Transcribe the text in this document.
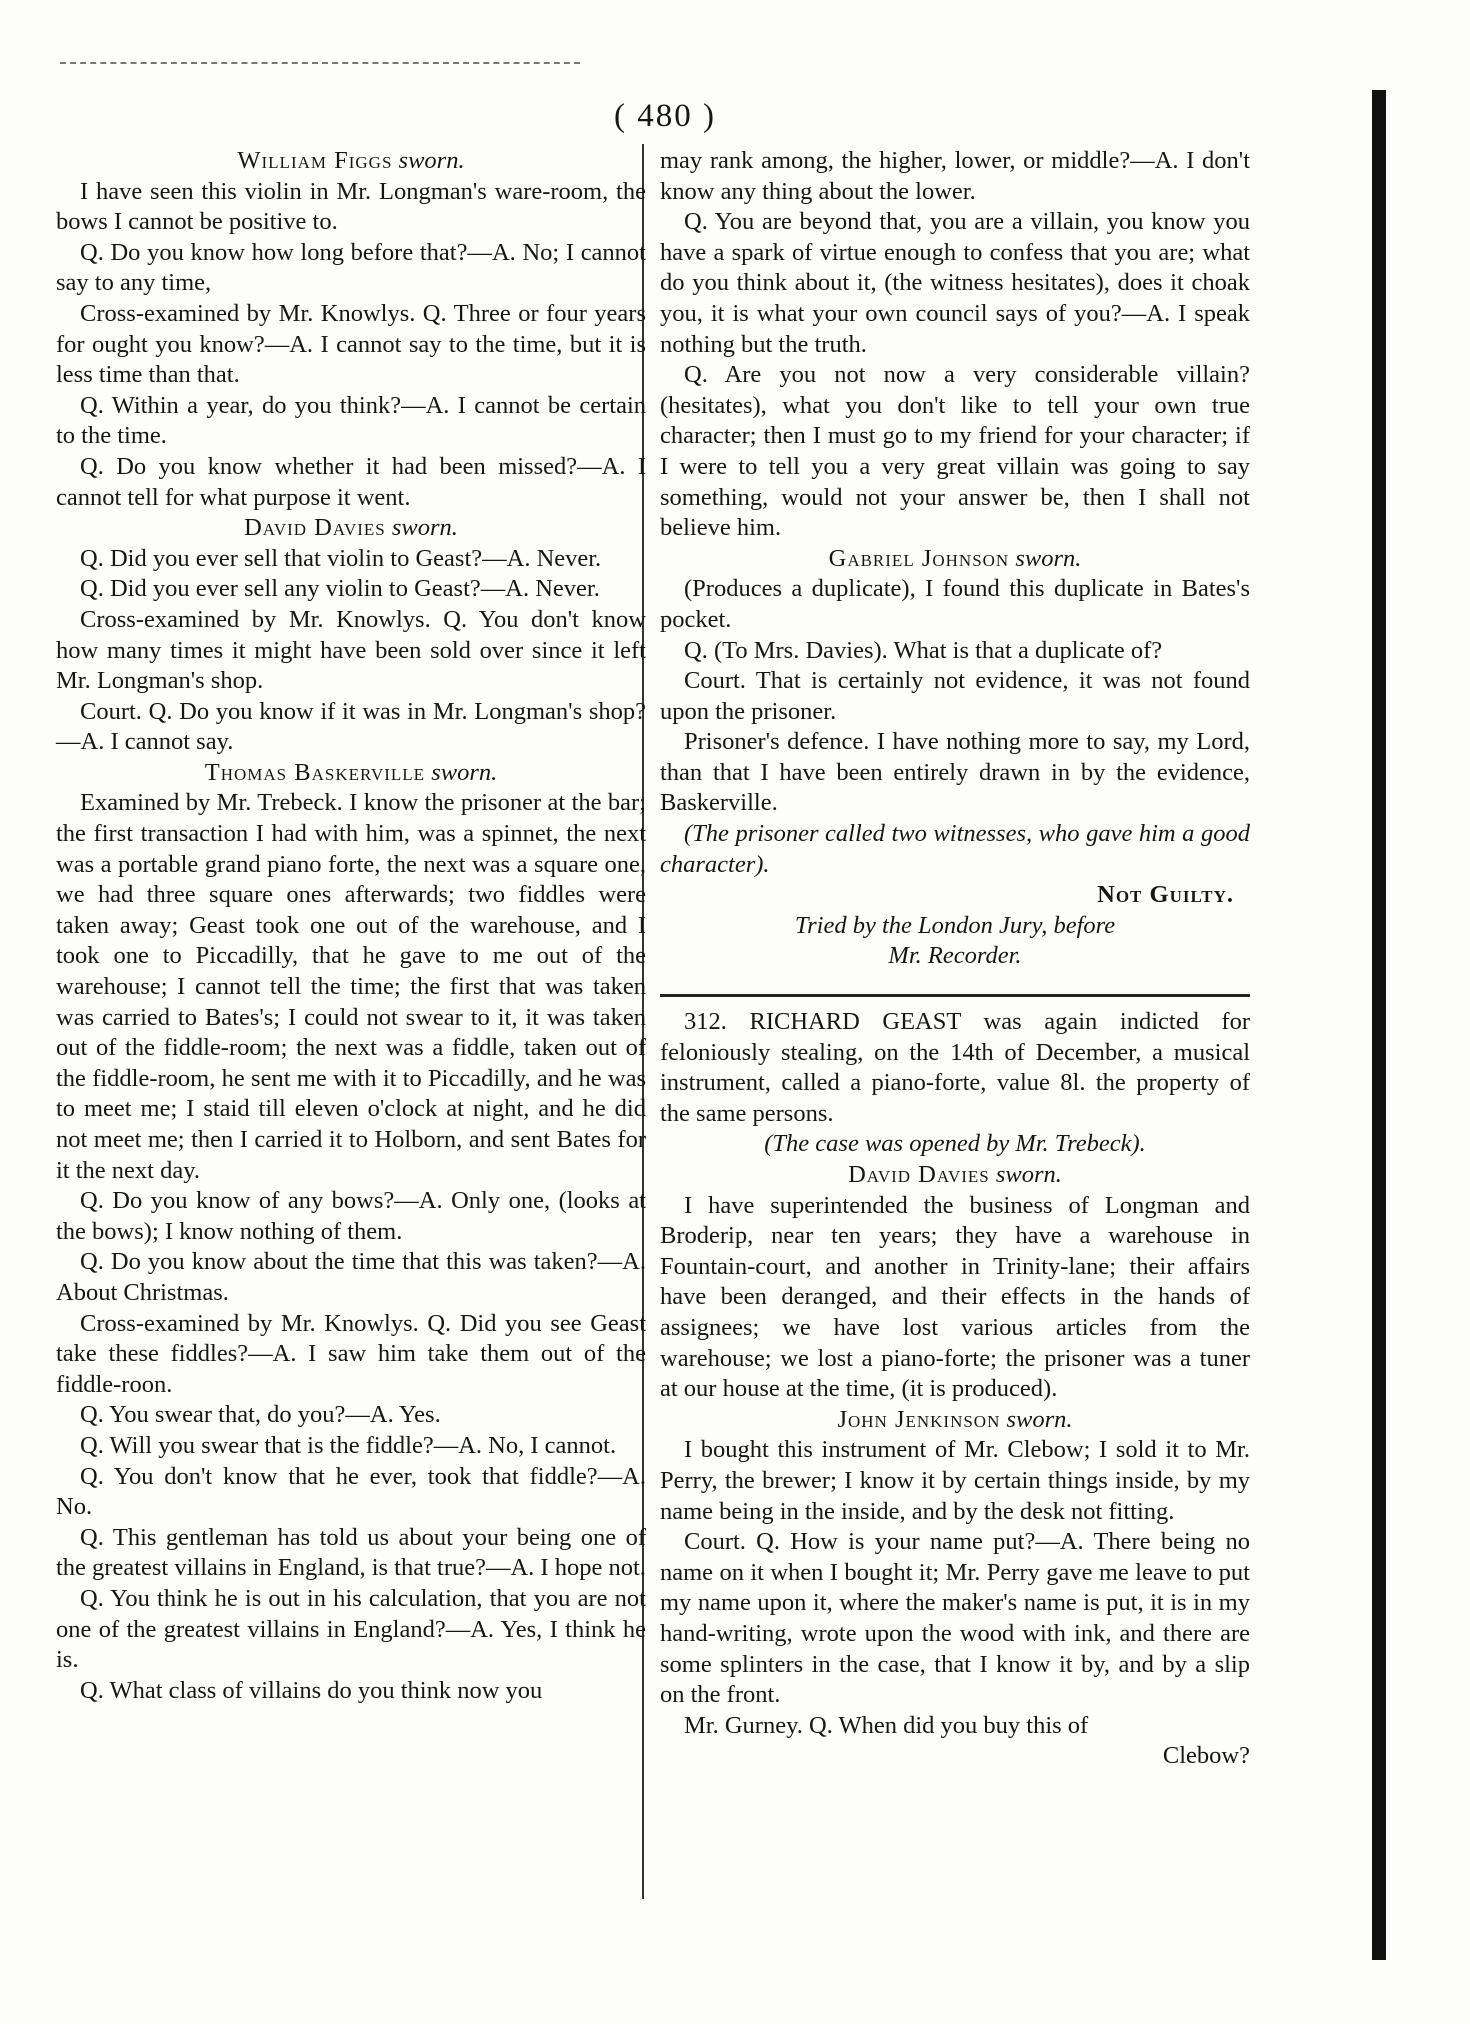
( 480 )

William Figgs sworn.

I have seen this violin in Mr. Longman's ware-room, the bows I cannot be positive to.

Q. Do you know how long before that?—A. No; I cannot say to any time,

Cross-examined by Mr. Knowlys. Q. Three or four years for ought you know?—A. I cannot say to the time, but it is less time than that.

Q. Within a year, do you think?—A. I cannot be certain to the time.

Q. Do you know whether it had been missed?—A. I cannot tell for what purpose it went.

David Davies sworn.

Q. Did you ever sell that violin to Geast?—A. Never.

Q. Did you ever sell any violin to Geast?—A. Never.

Cross-examined by Mr. Knowlys. Q. You don't know how many times it might have been sold over since it left Mr. Longman's shop.

Court. Q. Do you know if it was in Mr. Longman's shop?—A. I cannot say.

Thomas Baskerville sworn.

Examined by Mr. Trebeck. I know the prisoner at the bar; the first transaction I had with him, was a spinnet, the next was a portable grand piano forte, the next was a square one, we had three square ones afterwards; two fiddles were taken away; Geast took one out of the warehouse, and I took one to Piccadilly, that he gave to me out of the warehouse; I cannot tell the time; the first that was taken was carried to Bates's; I could not swear to it, it was taken out of the fiddle-room; the next was a fiddle, taken out of the fiddle-room, he sent me with it to Piccadilly, and he was to meet me; I staid till eleven o'clock at night, and he did not meet me; then I carried it to Holborn, and sent Bates for it the next day.

Q. Do you know of any bows?—A. Only one, (looks at the bows); I know nothing of them.

Q. Do you know about the time that this was taken?—A. About Christmas.

Cross-examined by Mr. Knowlys. Q. Did you see Geast take these fiddles?—A. I saw him take them out of the fiddle-roon.

Q. You swear that, do you?—A. Yes.

Q. Will you swear that is the fiddle?—A. No, I cannot.

Q. You don't know that he ever, took that fiddle?—A. No.

Q. This gentleman has told us about your being one of the greatest villains in England, is that true?—A. I hope not.

Q. You think he is out in his calculation, that you are not one of the greatest villains in England?—A. Yes, I think he is.

Q. What class of villains do you think now you

may rank among, the higher, lower, or middle?—A. I don't know any thing about the lower.

Q. You are beyond that, you are a villain, you know you have a spark of virtue enough to confess that you are; what do you think about it, (the witness hesitates), does it choak you, it is what your own council says of you?—A. I speak nothing but the truth.

Q. Are you not now a very considerable villain? (hesitates), what you don't like to tell your own true character; then I must go to my friend for your character; if I were to tell you a very great villain was going to say something, would not your answer be, then I shall not believe him.

Gabriel Johnson sworn.

(Produces a duplicate), I found this duplicate in Bates's pocket.

Q. (To Mrs. Davies). What is that a duplicate of?

Court. That is certainly not evidence, it was not found upon the prisoner.

Prisoner's defence. I have nothing more to say, my Lord, than that I have been entirely drawn in by the evidence, Baskerville.

(The prisoner called two witnesses, who gave him a good character).

Not Guilty.

Tried by the London Jury, before

Mr. Recorder.

312. RICHARD GEAST was again indicted for feloniously stealing, on the 14th of December, a musical instrument, called a piano-forte, value 8l. the property of the same persons.

(The case was opened by Mr. Trebeck).

David Davies sworn.

I have superintended the business of Longman and Broderip, near ten years; they have a warehouse in Fountain-court, and another in Trinity-lane; their affairs have been deranged, and their effects in the hands of assignees; we have lost various articles from the warehouse; we lost a piano-forte; the prisoner was a tuner at our house at the time, (it is produced).

John Jenkinson sworn.

I bought this instrument of Mr. Clebow; I sold it to Mr. Perry, the brewer; I know it by certain things inside, by my name being in the inside, and by the desk not fitting.

Court. Q. How is your name put?—A. There being no name on it when I bought it; Mr. Perry gave me leave to put my name upon it, where the maker's name is put, it is in my hand-writing, wrote upon the wood with ink, and there are some splinters in the case, that I know it by, and by a slip on the front.

Mr. Gurney. Q. When did you buy this of

Clebow?
